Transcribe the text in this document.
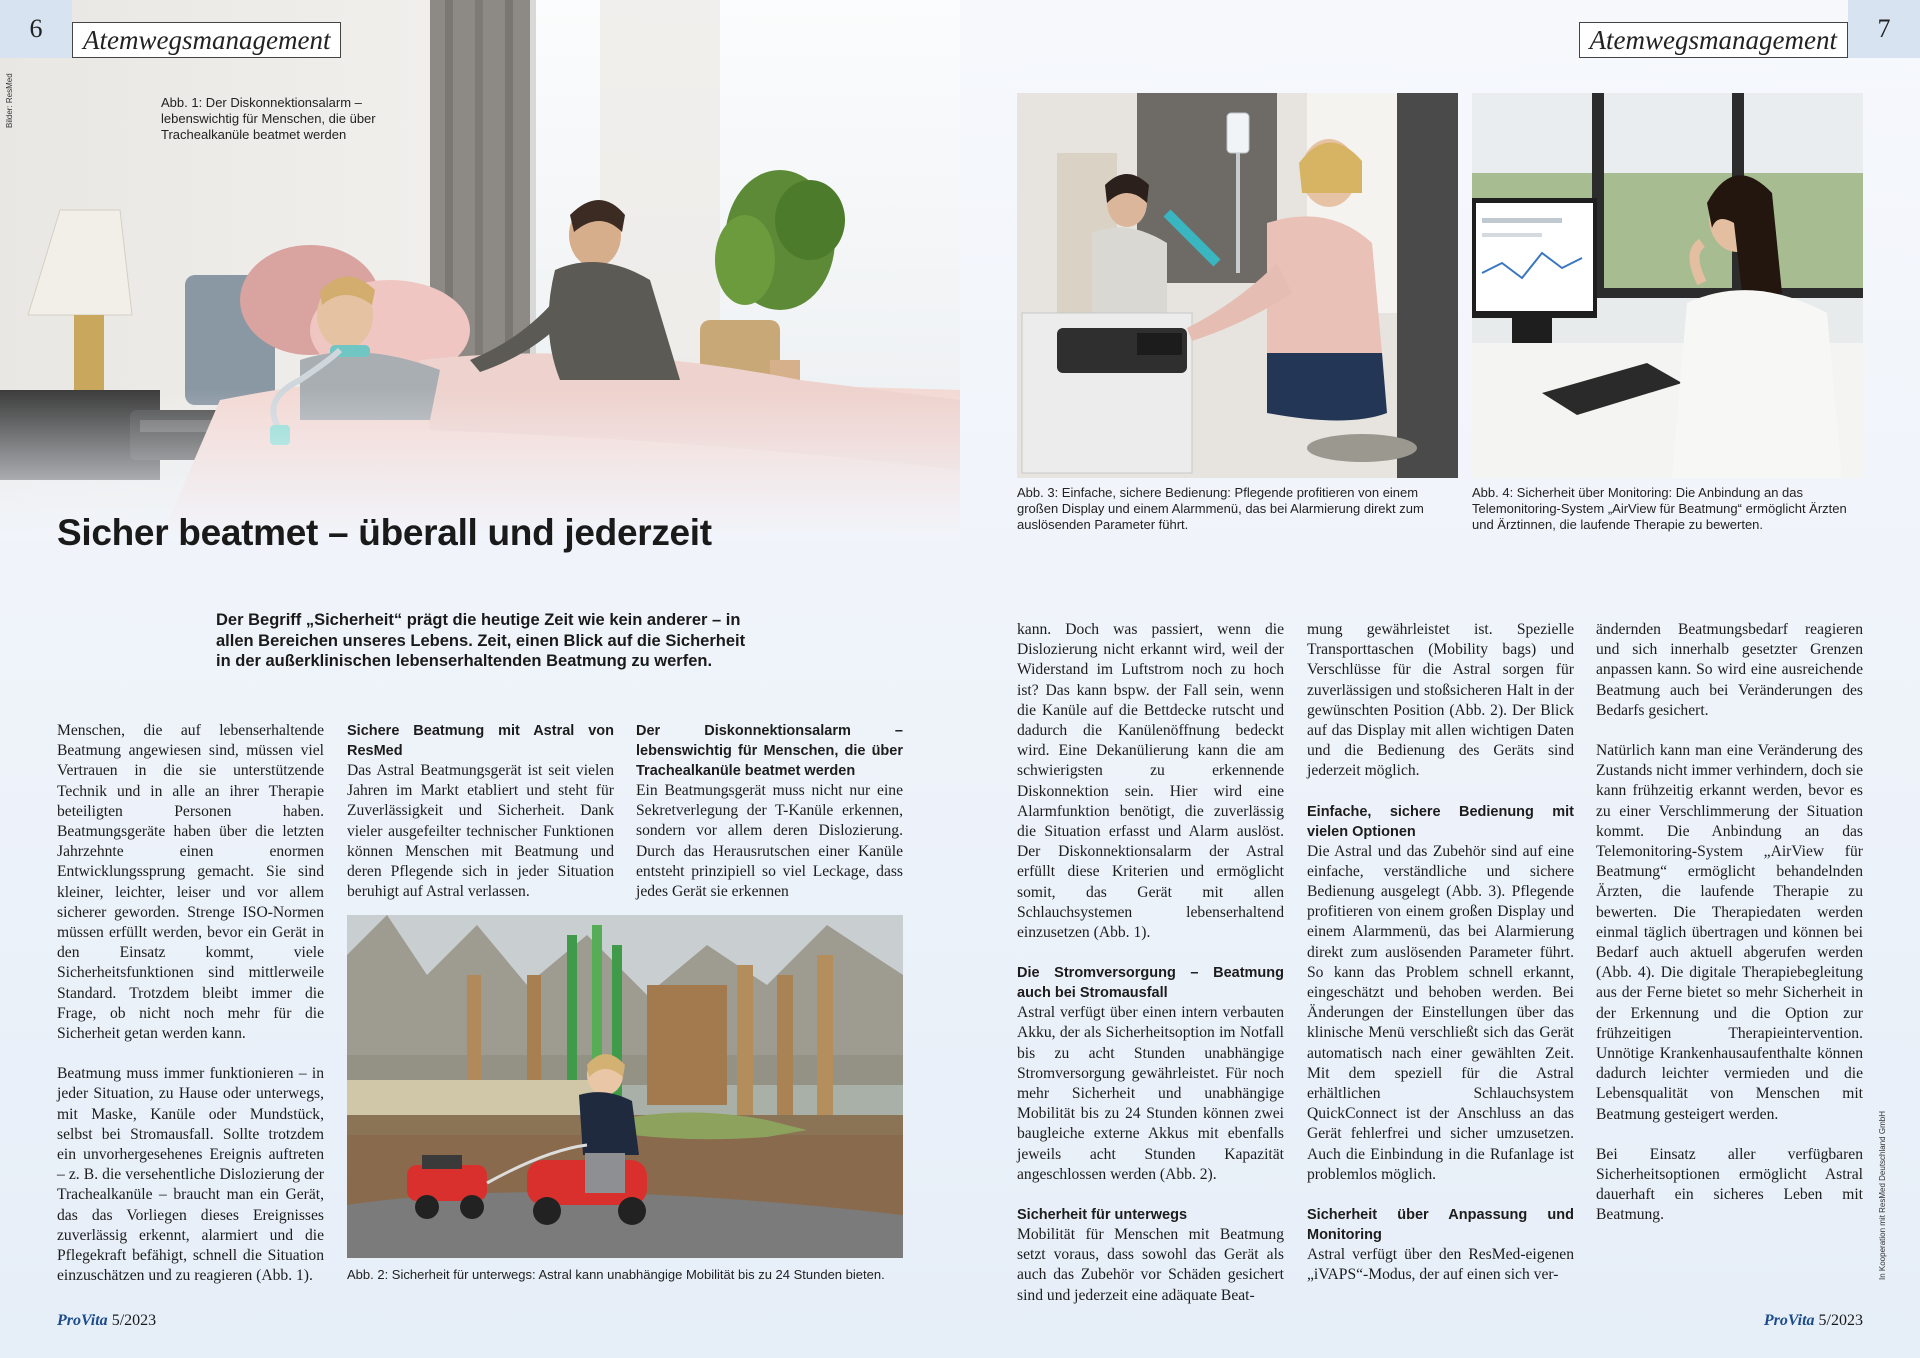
6	Atemwegsmanagement
Bilder: ResMed	Abb. 1: Der Diskonnektionsalarm – lebenswichtig für Menschen, die über Trachealkanüle beatmet werden
Sicher beatmet – überall und jederzeit
Der Begriff „Sicherheit“ prägt die heutige Zeit wie kein anderer – in allen Bereichen unseres Lebens. Zeit, einen Blick auf die Sicherheit in der außerklinischen lebenserhaltenden Beatmung zu werfen.

Menschen, die auf lebenserhaltende Beatmung angewiesen sind, müssen viel Vertrauen in die sie unterstützende Technik und in alle an ihrer Therapie beteiligten Personen haben. Beatmungsgeräte haben über die letzten Jahrzehnte einen enormen Entwicklungssprung gemacht. Sie sind kleiner, leichter, leiser und vor allem sicherer geworden. Strenge ISO-Normen müssen erfüllt werden, bevor ein Gerät in den Einsatz kommt, viele Sicherheitsfunktionen sind mittlerweile Standard. Trotzdem bleibt immer die Frage, ob nicht noch mehr für die Sicherheit getan werden kann.

Beatmung muss immer funktionieren – in jeder Situation, zu Hause oder unterwegs, mit Maske, Kanüle oder Mundstück, selbst bei Stromausfall. Sollte trotzdem ein unvorhergesehenes Ereignis auftreten – z. B. die versehentliche Dislozierung der Trachealkanüle – braucht man ein Gerät, das das Vorliegen dieses Ereignisses zuverlässig erkennt, alarmiert und die Pflegekraft befähigt, schnell die Situation einzuschätzen und zu reagieren (Abb. 1).

Sichere Beatmung mit Astral von ResMed
Das Astral Beatmungsgerät ist seit vielen Jahren im Markt etabliert und steht für Zuverlässigkeit und Sicherheit. Dank vieler ausgefeilter technischer Funktionen können Menschen mit Beatmung und deren Pflegende sich in jeder Situation beruhigt auf Astral verlassen.
Der Diskonnektionsalarm – lebenswichtig für Menschen, die über Trachealkanüle beatmet werden
Ein Beatmungsgerät muss nicht nur eine Sekretverlegung der T-Kanüle erkennen, sondern vor allem deren Dislozierung. Durch das Herausrutschen einer Kanüle entsteht prinzipiell so viel Leckage, dass jedes Gerät sie erkennen
Abb. 2: Sicherheit für unterwegs: Astral kann unabhängige Mobilität bis zu 24 Stunden bieten.
ProVita 5/2023
7
Atemwegsmanagement
Abb. 3: Einfache, sichere Bedienung: Pflegende profitieren von einem großen Display und einem Alarmmenü, das bei Alarmierung direkt zum auslösenden Parameter führt.
Abb. 4: Sicherheit über Monitoring: Die Anbindung an das Telemonitoring-System „AirView für Beatmung“ ermöglicht Ärzten und Ärztinnen, die laufende Therapie zu bewerten.
kann. Doch was passiert, wenn die Dislozierung nicht erkannt wird, weil der Widerstand im Luftstrom noch zu hoch ist? Das kann bspw. der Fall sein, wenn die Kanüle auf die Bettdecke rutscht und dadurch die Kanülenöffnung bedeckt wird. Eine Dekanülierung kann die am schwierigsten zu erkennende Diskonnektion sein. Hier wird eine Alarmfunktion benötigt, die zuverlässig die Situation erfasst und Alarm auslöst. Der Diskonnektionsalarm der Astral erfüllt diese Kriterien und ermöglicht somit, das Gerät mit allen Schlauchsystemen lebenserhaltend einzusetzen (Abb. 1).
Die Stromversorgung – Beatmung auch bei Stromausfall
Astral verfügt über einen intern verbauten Akku, der als Sicherheitsoption im Notfall bis zu acht Stunden unabhängige Stromversorgung gewährleistet. Für noch mehr Sicherheit und unabhängige Mobilität bis zu 24 Stunden können zwei baugleiche externe Akkus mit ebenfalls jeweils acht Stunden Kapazität angeschlossen werden (Abb. 2).
Sicherheit für unterwegs
Mobilität für Menschen mit Beatmung setzt voraus, dass sowohl das Gerät als auch das Zubehör vor Schäden gesichert sind und jederzeit eine adäquate Beat-
mung gewährleistet ist. Spezielle Transporttaschen (Mobility bags) und Verschlüsse für die Astral sorgen für zuverlässigen und stoßsicheren Halt in der gewünschten Position (Abb. 2). Der Blick auf das Display mit allen wichtigen Daten und die Bedienung des Geräts sind jederzeit möglich.
Einfache, sichere Bedienung mit vielen Optionen
Die Astral und das Zubehör sind auf eine einfache, verständliche und sichere Bedienung ausgelegt (Abb. 3). Pflegende profitieren von einem großen Display und einem Alarmmenü, das bei Alarmierung direkt zum auslösenden Parameter führt. So kann das Problem schnell erkannt, eingeschätzt und behoben werden. Bei Änderungen der Einstellungen über das klinische Menü verschließt sich das Gerät automatisch nach einer gewählten Zeit. Mit dem speziell für die Astral erhältlichen Schlauchsystem QuickConnect ist der Anschluss an das Gerät fehlerfrei und sicher umzusetzen. Auch die Einbindung in die Rufanlage ist problemlos möglich.
Sicherheit über Anpassung und Monitoring
Astral verfügt über den ResMed-eigenen „iVAPS“-Modus, der auf einen sich ver-

ändernden Beatmungsbedarf reagieren und sich innerhalb gesetzter Grenzen anpassen kann. So wird eine ausreichende Beatmung auch bei Veränderungen des Bedarfs gesichert.

Natürlich kann man eine Veränderung des Zustands nicht immer verhindern, doch sie kann frühzeitig erkannt werden, bevor es zu einer Verschlimmerung der Situation kommt. Die Anbindung an das Telemonitoring-System „AirView für Beatmung“ ermöglicht behandelnden Ärzten, die laufende Therapie zu bewerten. Die Therapiedaten werden einmal täglich übertragen und können bei Bedarf auch aktuell abgerufen werden (Abb. 4). Die digitale Therapiebegleitung aus der Ferne bietet so mehr Sicherheit in der Erkennung und die Option zur frühzeitigen Therapieintervention. Unnötige Krankenhausaufenthalte können dadurch leichter vermieden und die Lebensqualität von Menschen mit Beatmung gesteigert werden.

Bei Einsatz aller verfügbaren Sicherheitsoptionen ermöglicht Astral dauerhaft ein sicheres Leben mit Beatmung.	In Kooperation mit ResMed Deutschland GmbH
ProVita 5/2023
